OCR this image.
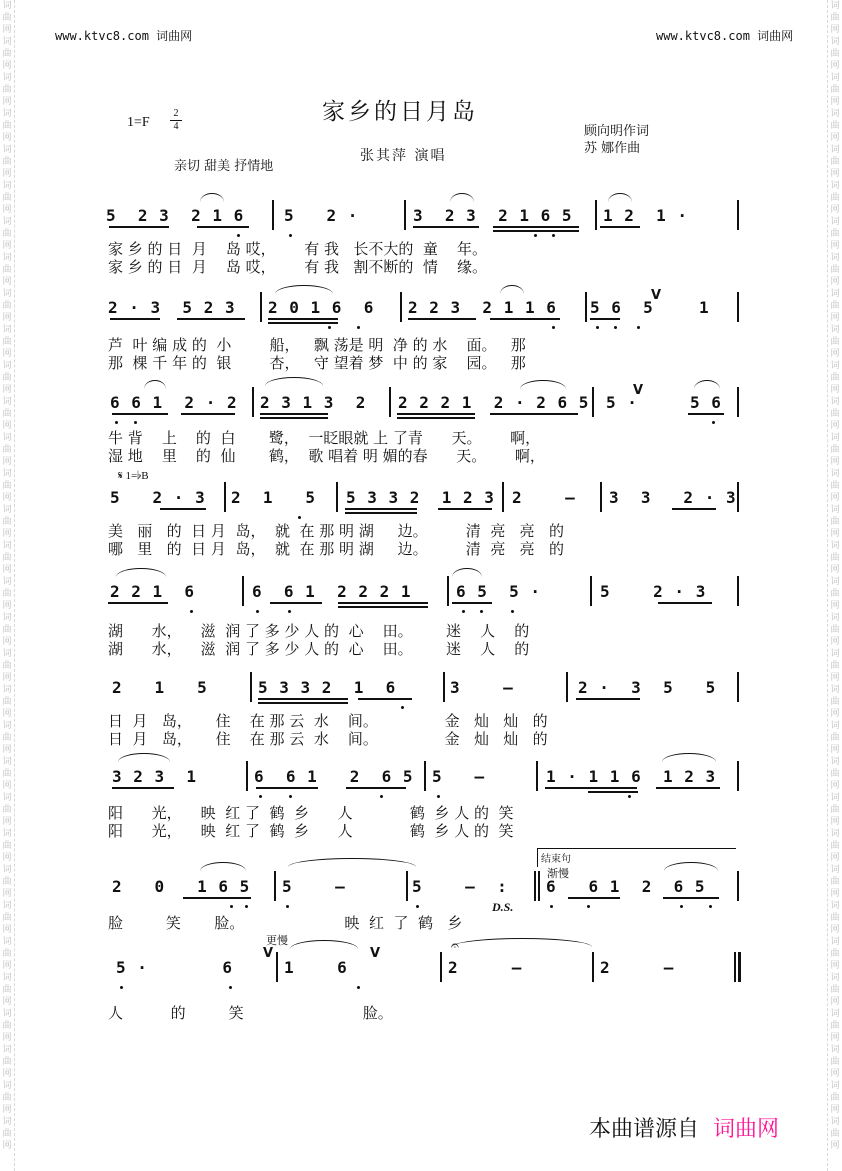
词
曲
网
词
曲
网
词
曲
网
词
曲
网
词
曲
网
词
曲
网
词
曲
网
词
曲
网
词
曲
网
词
曲
网
词
曲
网
词
曲
网
词
曲
网
词
曲
网
词
曲
网
词
曲
网
词
曲
网
词
曲
网
词
曲
网
词
曲
网
词
曲
网
词
曲
网
词
曲
网
词
曲
网
词
曲
网
词
曲
网
词
曲
网
词
曲
网
词
曲
网
词
曲
网
词
曲
网
词
曲
网
词
曲
网
词
曲
网
词
曲
网
词
曲
网
词
曲
网
词
曲
网
词
曲
网
词
曲
网
词
曲
网
词
曲
网
词
曲
网
词
曲
网
词
曲
网
词
曲
网
词
曲
网
词
曲
网
词
曲
网
词
曲
网
词
曲
网
词
曲
网
词
曲
网
词
曲
网
词
曲
网
词
曲
网
词
曲
网
词
曲
网
词
曲
网
词
曲
网
词
曲
网
词
曲
网
词
曲
网
词
曲
网
www.ktvc8.com 词曲网	www.ktvc8.com 词曲网
家乡的日月岛
1=F
2
4
亲切 甜美 抒情地
张其萍 演唱
顾向明作词
苏 娜作曲
5  2 3  2 1 6 5   2 ·	3  2 3  2 1 6 5 1 2  1 ·
家 乡 的 日  月    岛 哎，      有 我   长不大的  童    年。
家 乡 的 日  月    岛 哎，      有 我   割不断的  情    缘。
2 · 3  5 2 3 2 0 1 6  6 2 2 3  2 1 1 6 5 6  5	1
V
芦  叶 编 成 的  小        船，   飘 荡是 明  净 的 水    面。   那
那  棵 千 年 的  银        杏，   守 望着 梦  中 的 家    园。   那
6 6 1  2 · 2 2 3 1 3  2 2 2 2 1  2 · 2 6 5 5 ·	5 6
V
牛 背    上    的  白       鹭，  一眨眼就 上 了青      天。      啊，
湿 地    里    的  仙       鹤，  歌 唱着 明 媚的春      天。      啊，
𝄋 1=♭B
5   2 · 3 2  1   5 5 3 3 2  1 2 3 2    – 3  3   2 · 3
美   丽   的  日 月  岛，  就  在 那 明 湖     边。        清  亮   亮   的
哪   里   的  日 月  岛，  就  在 那 明 湖     边。        清  亮   亮   的
2 2 1  6	6  6 1  2 2 2 1	6 5  5 ·	5    2 · 3
湖      水，    滋  润 了 多 少 人 的  心    田。       迷    人    的
湖      水，    滋  润 了 多 少 人 的  心    田。       迷    人    的
2   1   5	5 3 3 2  1  6	3    –	2 ·  3  5   5
日  月   岛，     住    在 那 云  水    间。              金   灿   灿   的
日  月   岛，     住    在 那 云  水    间。              金   灿   灿   的
3 2 3  1	6  6 1   2  6 5 5   –	1 · 1 1 6  1 2 3
阳      光，    映  红 了  鹤  乡      人            鹤  乡 人 的  笑
阳      光，    映  红 了  鹤  乡      人            鹤  乡 人 的  笑
结束句
渐慢
2   0   1 6 5 5    –	5    –  : 6   6 1  2  6 5
D.S.
脸         笑       脸。                     映  红  了  鹤   乡
更慢
5 ·       6	1    6	2     –	2     –
𝄐
V	V
人          的         笑                         脸。
本曲谱源自 词曲网
